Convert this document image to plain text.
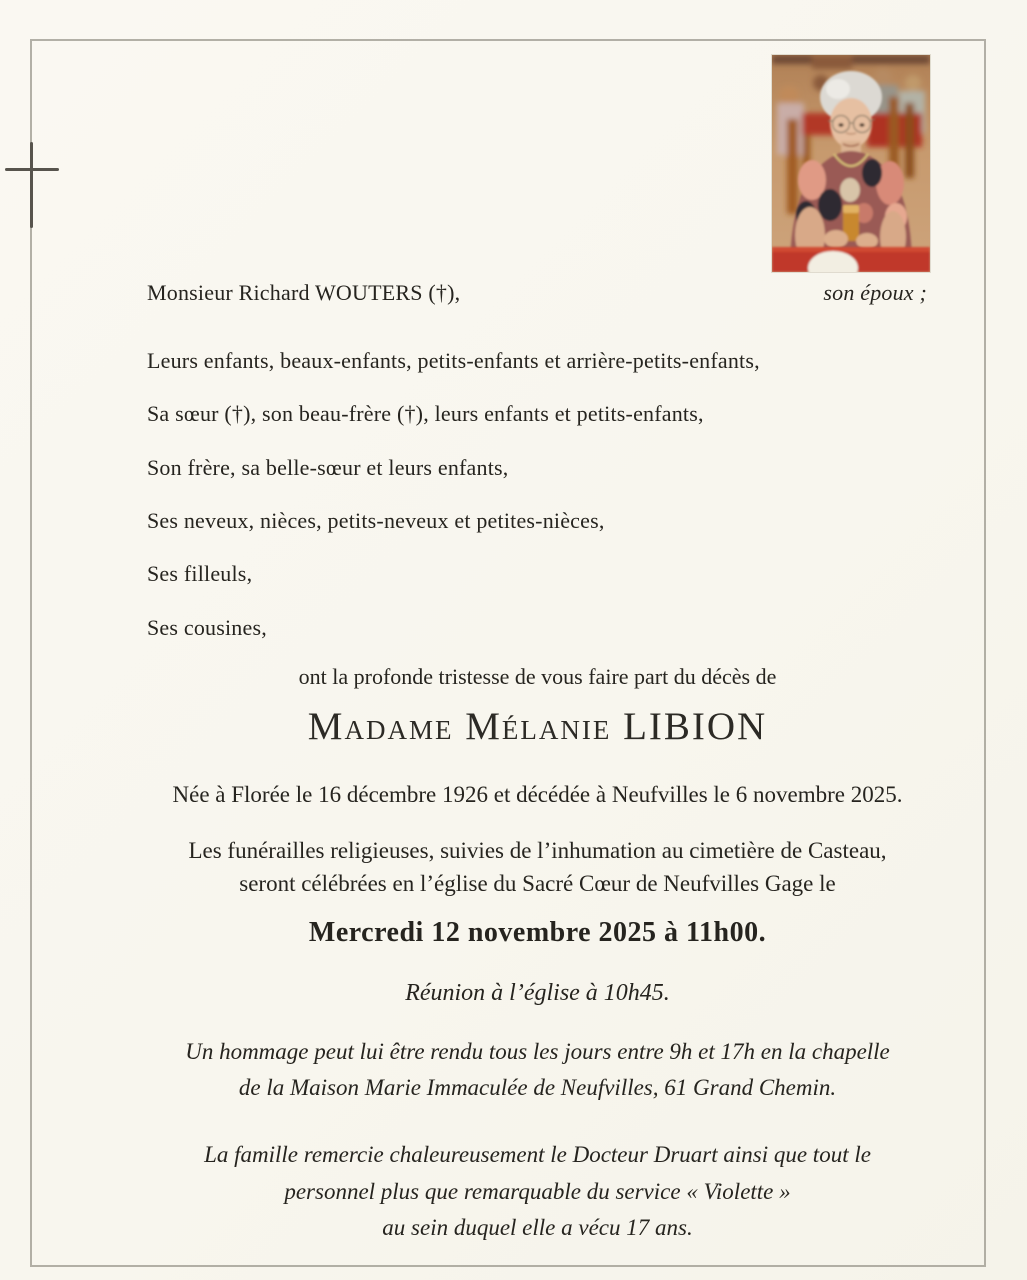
Monsieur Richard WOUTERS (†),	son époux ;
Leurs enfants, beaux-enfants, petits-enfants et arrière-petits-enfants,
Sa sœur (†), son beau-frère (†), leurs enfants et petits-enfants,
Son frère, sa belle-sœur et leurs enfants,
Ses neveux, nièces, petits-neveux et petites-nièces,
Ses filleuls,
Ses cousines,
ont la profonde tristesse de vous faire part du décès de
Madame Mélanie LIBION
Née à Florée le 16 décembre 1926 et décédée à Neufvilles le 6 novembre 2025.
Les funérailles religieuses, suivies de l’inhumation au cimetière de Casteau,
seront célébrées en l’église du Sacré Cœur de Neufvilles Gage le
Mercredi 12 novembre 2025 à 11h00.
Réunion à l’église à 10h45.
Un hommage peut lui être rendu tous les jours entre 9h et 17h en la chapelle
de la Maison Marie Immaculée de Neufvilles, 61 Grand Chemin.
La famille remercie chaleureusement le Docteur Druart ainsi que tout le
personnel plus que remarquable du service « Violette »
au sein duquel elle a vécu 17 ans.
